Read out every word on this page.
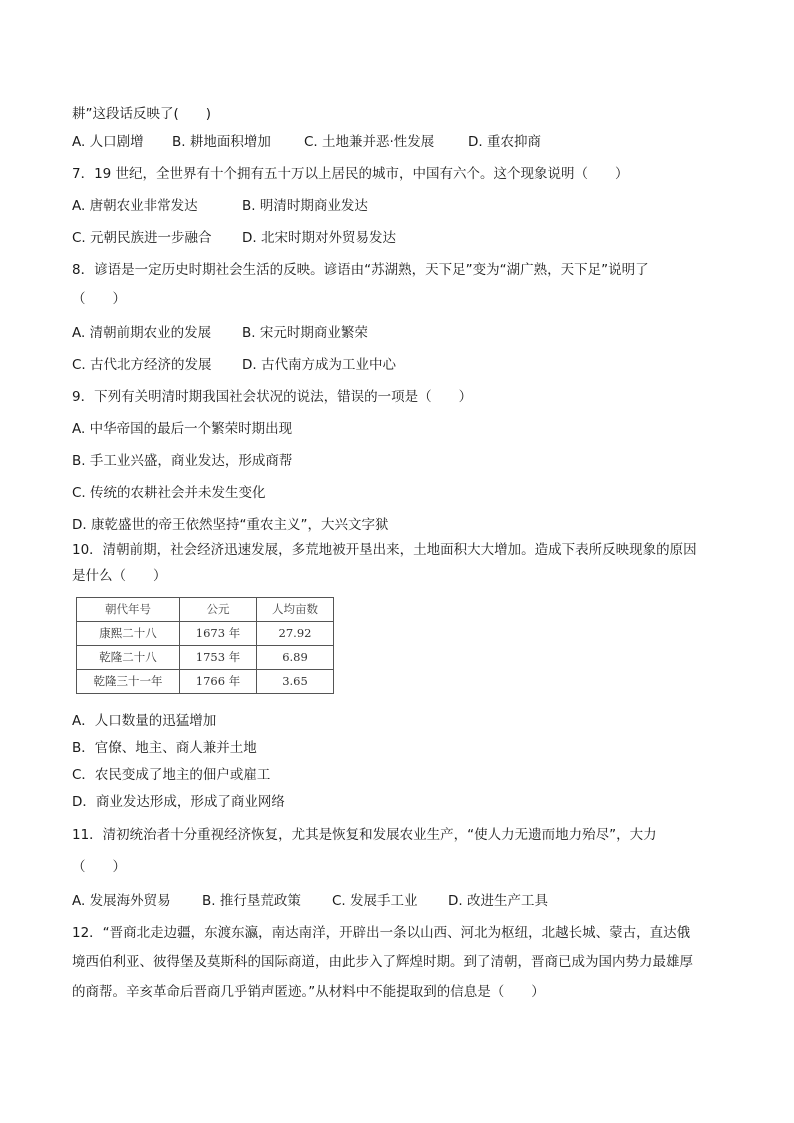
耕”这段话反映了(　　)
A. 人口剧增 B. 耕地面积增加 C. 土地兼并恶·性发展 D. 重农抑商
7．19 世纪，全世界有十个拥有五十万以上居民的城市，中国有六个。这个现象说明（　　）
A. 唐朝农业非常发达	B. 明清时期商业发达
C. 元朝民族进一步融合 D. 北宋时期对外贸易发达
8．谚语是一定历史时期社会生活的反映。谚语由“苏湖熟，天下足”变为“湖广熟，天下足”说明了
（　　）
A. 清朝前期农业的发展 B. 宋元时期商业繁荣
C. 古代北方经济的发展 D. 古代南方成为工业中心
9．下列有关明清时期我国社会状况的说法，错误的一项是（　　）
A. 中华帝国的最后一个繁荣时期出现
B. 手工业兴盛，商业发达，形成商帮
C. 传统的农耕社会并未发生变化
D. 康乾盛世的帝王依然坚持“重农主义”，大兴文字狱
10．清朝前期，社会经济迅速发展，多荒地被开垦出来，土地面积大大增加。造成下表所反映现象的原因
是什么（　　）
朝代年号	公元	人均亩数
康熙二十八	1673 年	27.92
乾隆二十八	1753 年	6.89
乾隆三十一年	1766 年	3.65
A．人口数量的迅猛增加
B．官僚、地主、商人兼并土地
C．农民变成了地主的佃户或雇工
D．商业发达形成，形成了商业网络
11．清初统治者十分重视经济恢复，尤其是恢复和发展农业生产，“使人力无遗而地力殆尽”，大力
（　　）
A. 发展海外贸易 B. 推行垦荒政策 C. 发展手工业 D. 改进生产工具
12．“晋商北走边疆，东渡东瀛，南达南洋，开辟出一条以山西、河北为枢纽，北越长城、蒙古，直达俄
境西伯利亚、彼得堡及莫斯科的国际商道，由此步入了辉煌时期。到了清朝，晋商已成为国内势力最雄厚
的商帮。辛亥革命后晋商几乎销声匿迹。”从材料中不能提取到的信息是（　　）
